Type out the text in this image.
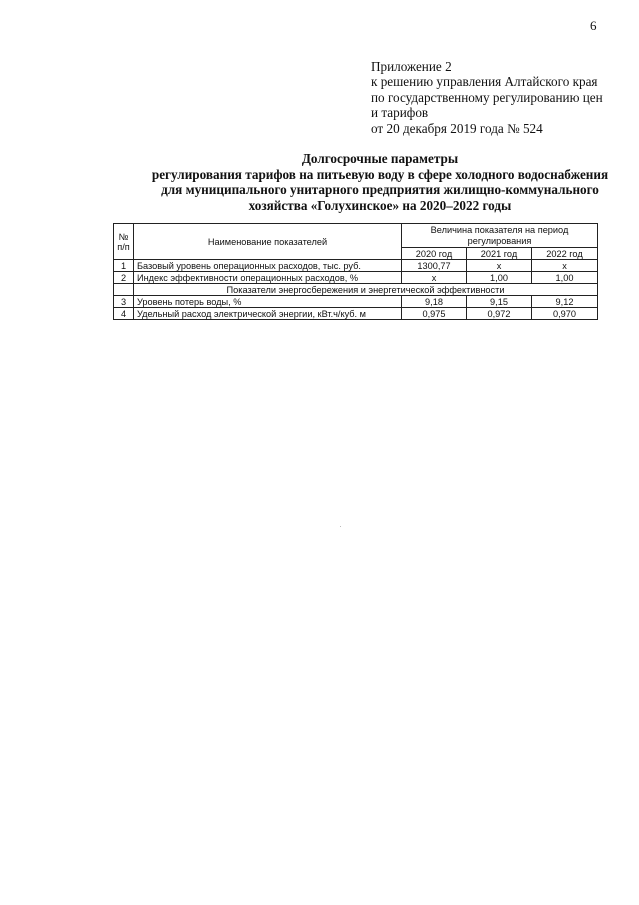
6
Приложение 2
к решению управления Алтайского края
по государственному регулированию цен
и тарифов
от 20 декабря 2019 года № 524
Долгосрочные параметры
регулирования тарифов на питьевую воду в сфере холодного водоснабжения
для муниципального унитарного предприятия жилищно-коммунального
хозяйства «Голухинское» на 2020–2022 годы
№ п/п	Наименование показателей	Величина показателя на период регулирования		
		2020 год	2021 год	2022 год
1	Базовый уровень операционных расходов, тыс. руб.	1300,77	x	x
2	Индекс эффективности операционных расходов, %	x	1,00	1,00
	Показатели энергосбережения и энергетической эффективности			
3	Уровень потерь воды, %	9,18	9,15	9,12
4	Удельный расход электрической энергии, кВт.ч/куб. м	0,975	0,972	0,970
